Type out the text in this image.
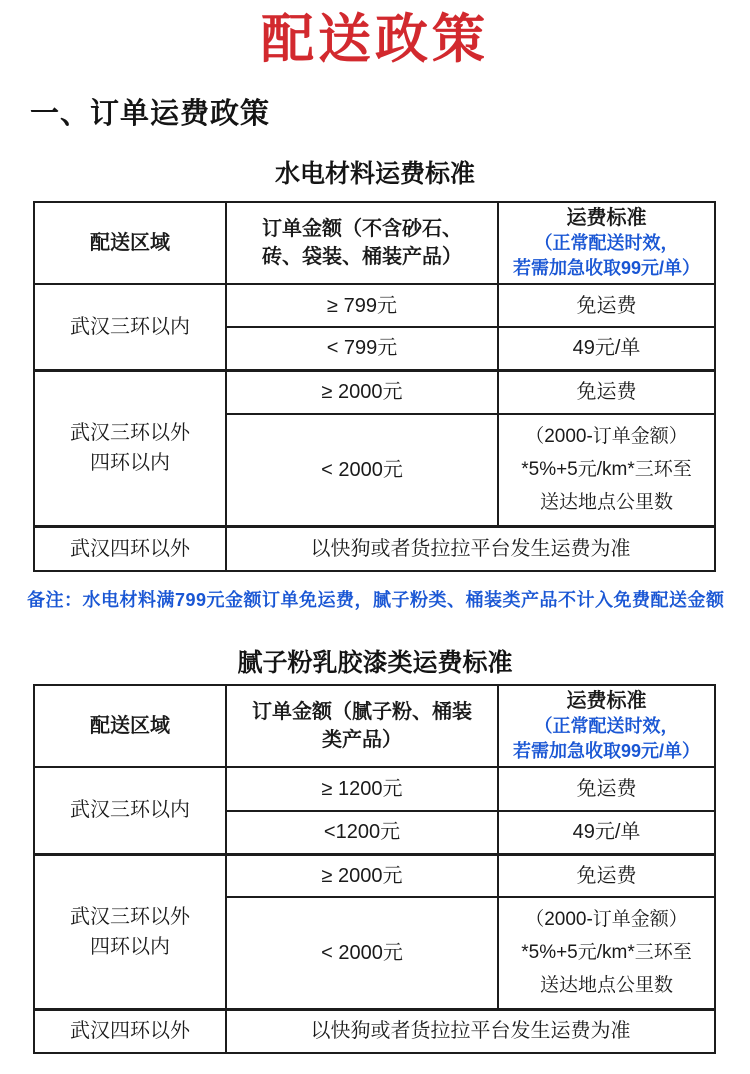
配送政策
一、订单运费政策
水电材料运费标准
配送区域	订单金额（不含砂石、砖、袋装、桶装产品）	运费标准
（正常配送时效，
若需加急收取99元/单）

武汉三环以内	≥ 799元	免运费
	< 799元	49元/单

武汉三环以外
四环以内	≥ 2000元	免运费
	< 2000元	（2000-订单金额）
*5%+5元/km*三环至
送达地点公里数

武汉四环以外	以快狗或者货拉拉平台发生运费为准	
备注：水电材料满799元金额订单免运费，腻子粉类、桶装类产品不计入免费配送金额
腻子粉乳胶漆类运费标准
配送区域	订单金额（腻子粉、桶装类产品）	运费标准
（正常配送时效，
若需加急收取99元/单）

武汉三环以内	≥ 1200元	免运费
	<1200元	49元/单

武汉三环以外
四环以内	≥ 2000元	免运费
	< 2000元	（2000-订单金额）
*5%+5元/km*三环至
送达地点公里数

武汉四环以外	以快狗或者货拉拉平台发生运费为准	
